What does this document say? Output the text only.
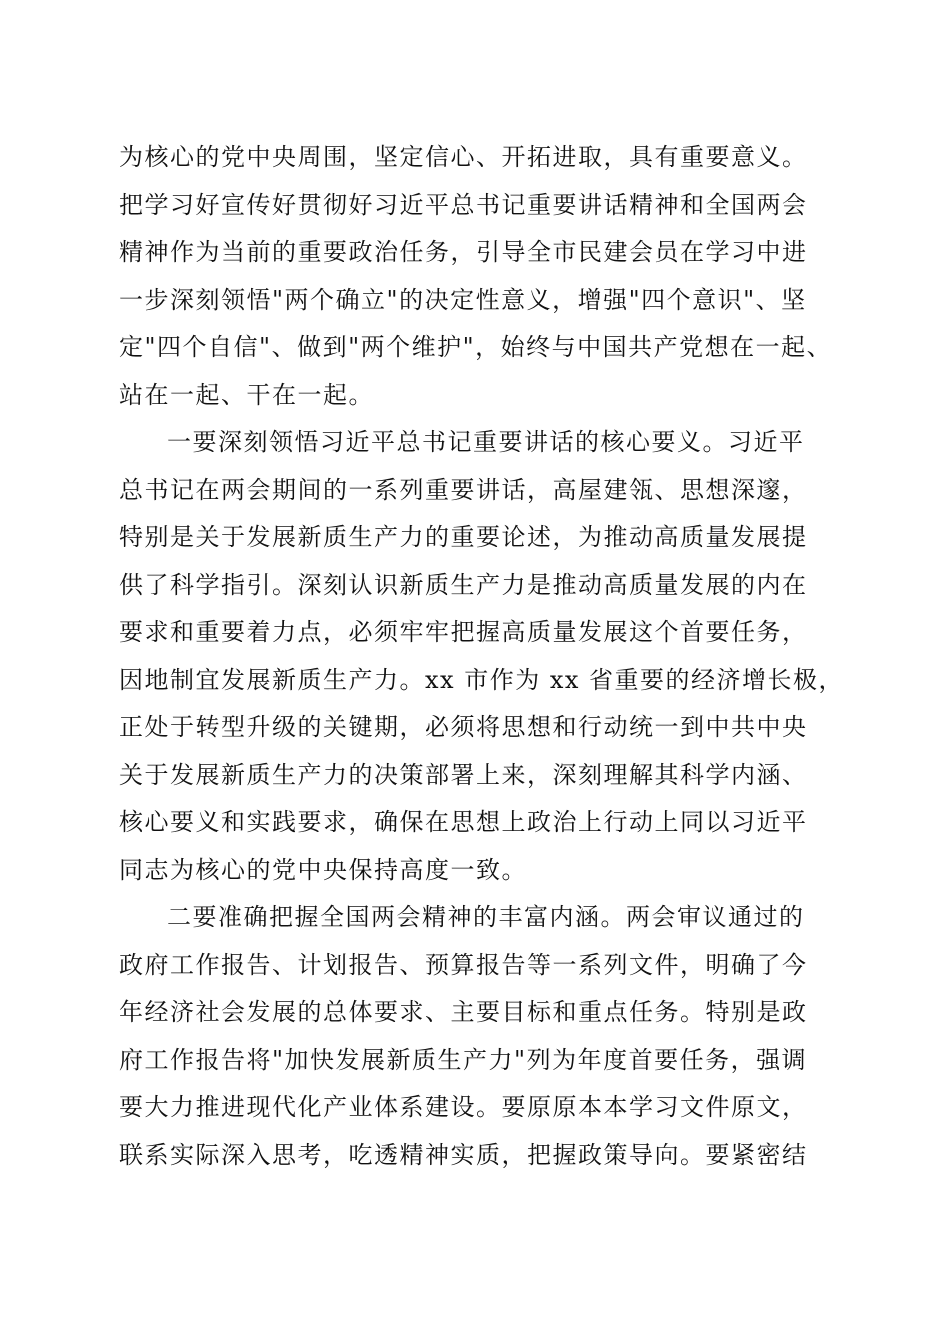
为核心的党中央周围，坚定信心、开拓进取，具有重要意义。
把学习好宣传好贯彻好习近平总书记重要讲话精神和全国两会
精神作为当前的重要政治任务，引导全市民建会员在学习中进
一步深刻领悟"两个确立"的决定性意义，增强"四个意识"、坚
定"四个自信"、做到"两个维护"，始终与中国共产党想在一起、
站在一起、干在一起。
一要深刻领悟习近平总书记重要讲话的核心要义。习近平
总书记在两会期间的一系列重要讲话，高屋建瓴、思想深邃，
特别是关于发展新质生产力的重要论述，为推动高质量发展提
供了科学指引。深刻认识新质生产力是推动高质量发展的内在
要求和重要着力点，必须牢牢把握高质量发展这个首要任务，
因地制宜发展新质生产力。xx 市作为 xx 省重要的经济增长极，
正处于转型升级的关键期，必须将思想和行动统一到中共中央
关于发展新质生产力的决策部署上来，深刻理解其科学内涵、
核心要义和实践要求，确保在思想上政治上行动上同以习近平
同志为核心的党中央保持高度一致。
二要准确把握全国两会精神的丰富内涵。两会审议通过的
政府工作报告、计划报告、预算报告等一系列文件，明确了今
年经济社会发展的总体要求、主要目标和重点任务。特别是政
府工作报告将"加快发展新质生产力"列为年度首要任务，强调
要大力推进现代化产业体系建设。要原原本本学习文件原文，
联系实际深入思考，吃透精神实质，把握政策导向。要紧密结
